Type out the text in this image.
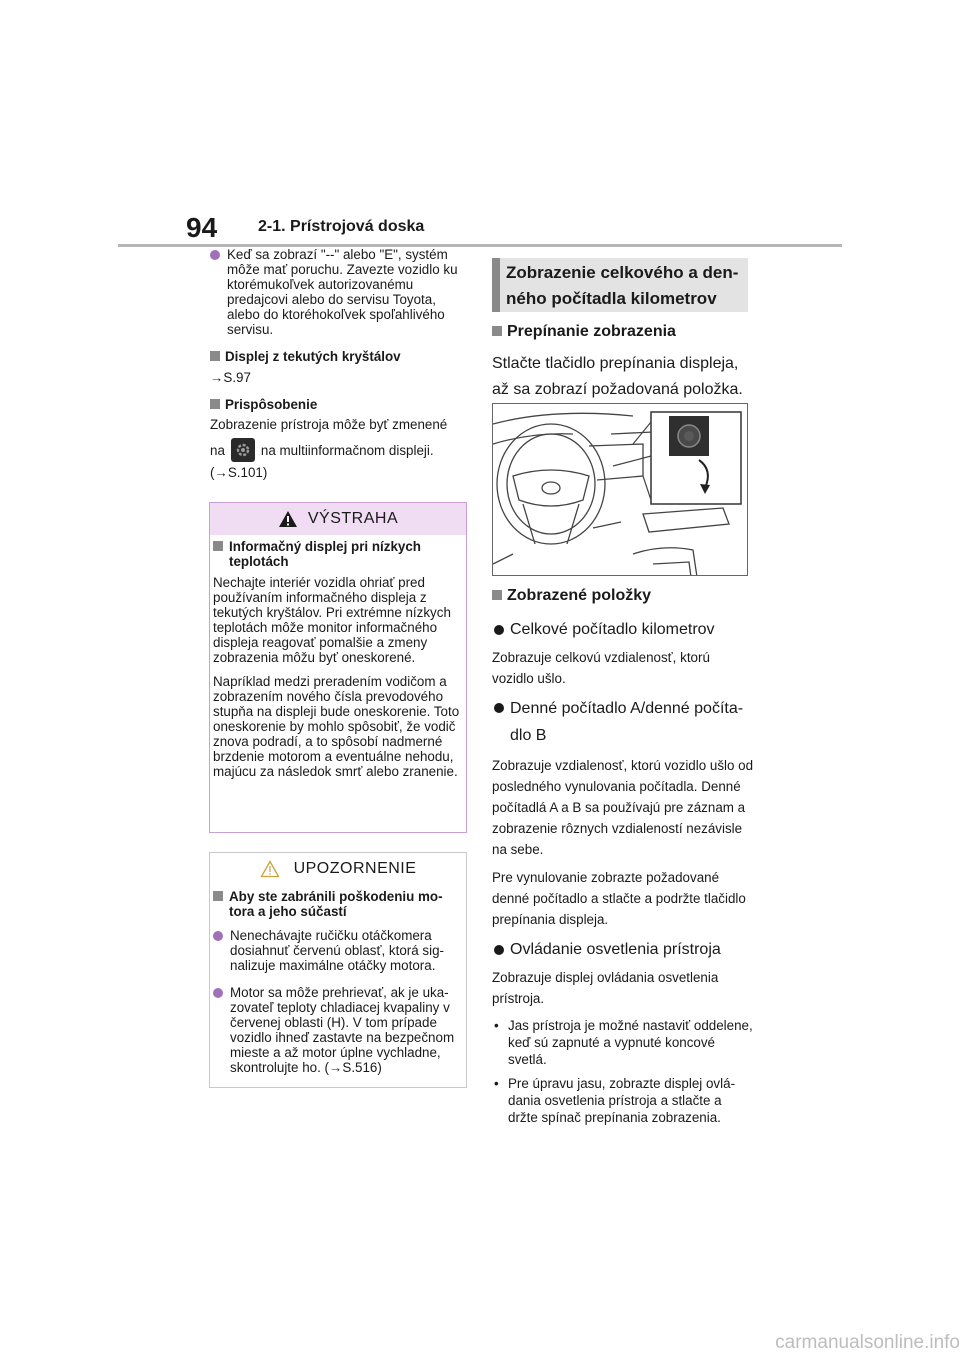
94	2-1. Prístrojová doska
Keď sa zobrazí "--" alebo "E", systém môže mať poruchu. Zavezte vozidlo ku ktorémukoľvek autorizovanému predajcovi alebo do servisu Toyota, alebo do ktoréhokoľvek spoľahlivého servisu.
Displej z tekutých kryštálov
→S.97
Prispôsobenie
Zobrazenie prístroja môže byť zmenené
na	na multiinformačnom displeji.
(→S.101)
VÝSTRAHA
Informačný displej pri nízkych teplotách
Nechajte interiér vozidla ohriať pred používaním informačného displeja z tekutých kryštálov. Pri extrémne nízkych teplotách môže monitor informačného displeja reagovať pomalšie a zmeny zobrazenia môžu byť oneskorené.
Napríklad medzi preradením vodičom a zobrazením nového čísla prevodového stupňa na displeji bude oneskorenie. Toto oneskorenie by mohlo spôsobiť, že vodič znova podradí, a to spôsobí nadmerné brzdenie motorom a eventuálne nehodu, majúcu za následok smrť alebo zranenie.
UPOZORNENIE
Aby ste zabránili poškodeniu motora a jeho súčastí
Nenechávajte ručičku otáčkomera dosiahnuť červenú oblasť, ktorá signalizuje maximálne otáčky motora.
Motor sa môže prehrievať, ak je ukazovateľ teploty chladiacej kvapaliny v červenej oblasti (H). V tom prípade vozidlo ihneď zastavte na bezpečnom mieste a až motor úplne vychladne, skontrolujte ho. (→S.516)
Zobrazenie celkového a denného počítadla kilometrov
Prepínanie zobrazenia
Stlačte tlačidlo prepínania displeja, až sa zobrazí požadovaná položka.
Zobrazené položky
Celkové počítadlo kilometrov
Zobrazuje celkovú vzdialenosť, ktorú vozidlo ušlo.
Denné počítadlo A/denné počítadlo B
Zobrazuje vzdialenosť, ktorú vozidlo ušlo od posledného vynulovania počítadla. Denné počítadlá A a B sa používajú pre záznam a zobrazenie rôznych vzdialeností nezávisle na sebe.
Pre vynulovanie zobrazte požadované denné počítadlo a stlačte a podržte tlačidlo prepínania displeja.
Ovládanie osvetlenia prístroja
Zobrazuje displej ovládania osvetlenia prístroja.
• Jas prístroja je možné nastaviť oddelene, keď sú zapnuté a vypnuté koncové svetlá.
• Pre úpravu jasu, zobrazte displej ovládania osvetlenia prístroja a stlačte a držte spínač prepínania zobrazenia.
carmanualsonline.info
